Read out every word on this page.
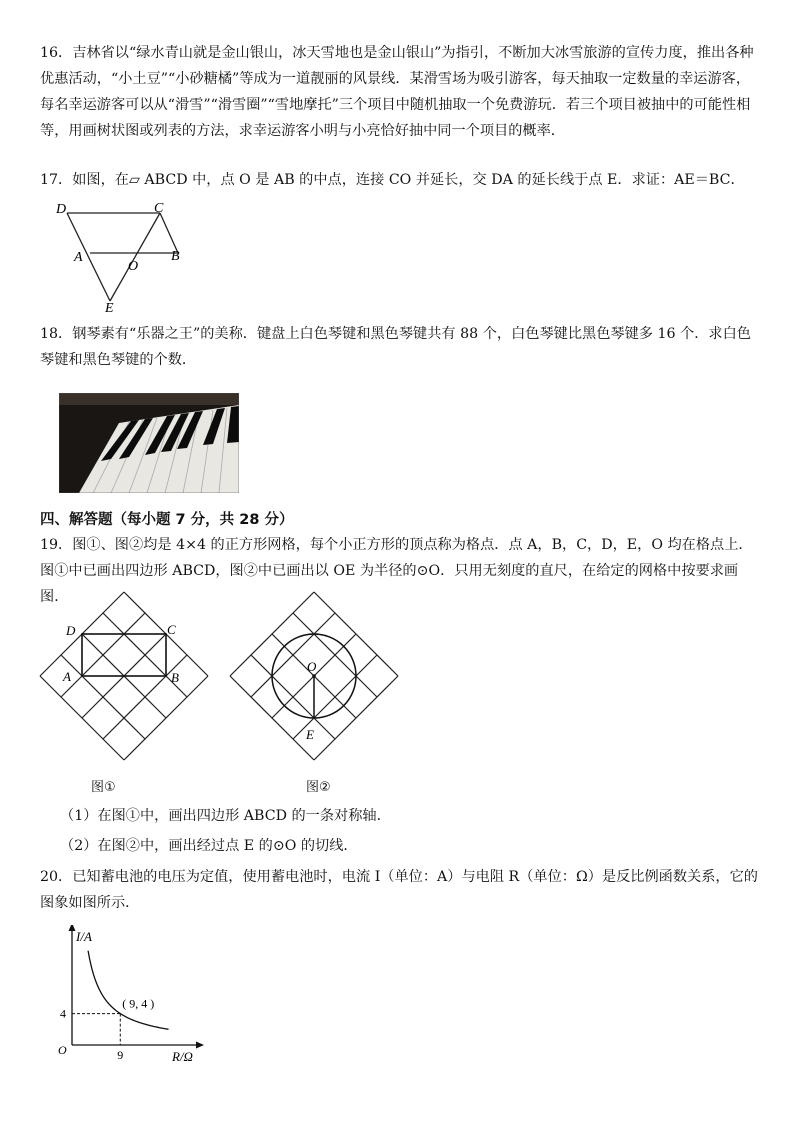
16．吉林省以“绿水青山就是金山银山，冰天雪地也是金山银山”为指引，不断加大冰雪旅游的宣传力度，推出各种优惠活动，“小土豆”“小砂糖橘”等成为一道靓丽的风景线．某滑雪场为吸引游客，每天抽取一定数量的幸运游客，每名幸运游客可以从“滑雪”“滑雪圈”“雪地摩托”三个项目中随机抽取一个免费游玩．若三个项目被抽中的可能性相等，用画树状图或列表的方法，求幸运游客小明与小亮恰好抽中同一个项目的概率．

17．如图，在▱ ABCD 中，点 O 是 AB 的中点，连接 CO 并延长，交 DA 的延长线于点 E．求证：AE＝BC．

D	C
A
O
B
E

18．钢琴素有“乐器之王”的美称．键盘上白色琴键和黑色琴键共有 88 个，白色琴键比黑色琴键多 16 个．求白色琴键和黑色琴键的个数．

四、解答题（每小题 7 分，共 28 分）

19．图①、图②均是 4×4 的正方形网格，每个小正方形的顶点称为格点．点 A，B，C，D，E，O 均在格点上．图①中已画出四边形 ABCD，图②中已画出以 OE 为半径的⊙O．只用无刻度的直尺，在给定的网格中按要求画图．

D	C
A	B
图①
O
E
图②

（1）在图①中，画出四边形 ABCD 的一条对称轴．

（2）在图②中，画出经过点 E 的⊙O 的切线．

20．已知蓄电池的电压为定值，使用蓄电池时，电流 I（单位：A）与电阻 R（单位：Ω）是反比例函数关系，它的图象如图所示．

I/A
R/Ω
O
( 9, 4 )
9
4
